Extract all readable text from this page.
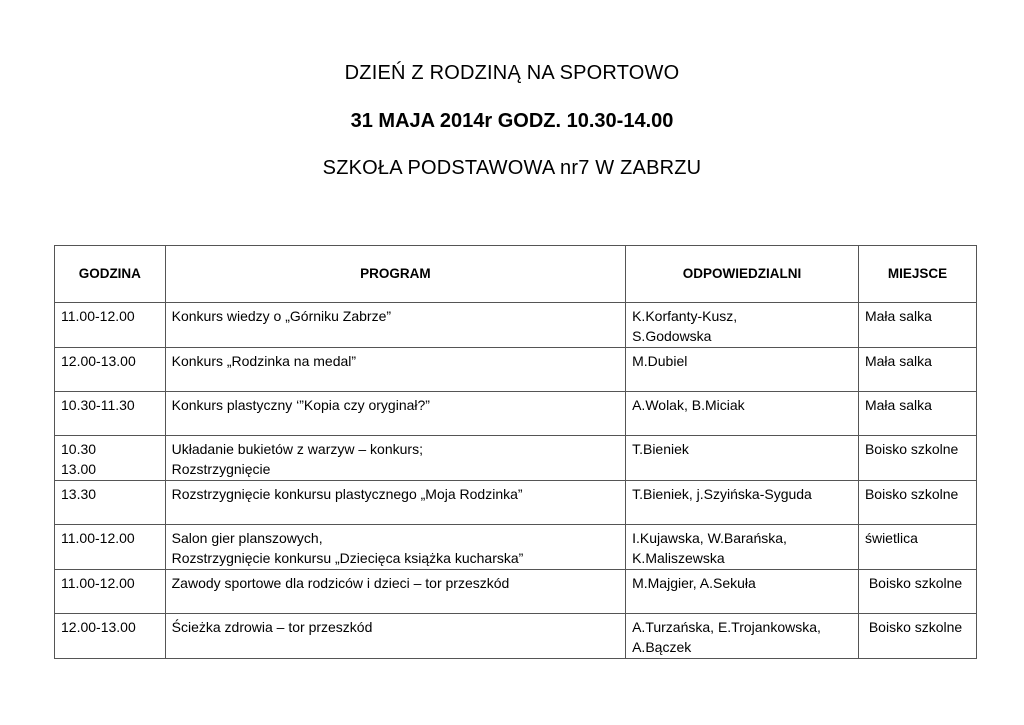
DZIEŃ Z RODZINĄ NA SPORTOWO
31 MAJA 2014r GODZ. 10.30-14.00
SZKOŁA PODSTAWOWA nr7 W ZABRZU
GODZINA	PROGRAM	ODPOWIEDZIALNI	MIEJSCE

11.00-12.00	Konkurs wiedzy o „Górniku Zabrze”	K.Korfanty-Kusz,
S.Godowska	Mała salka

12.00-13.00	Konkurs „Rodzinka na medal”	M.Dubiel	Mała salka

10.30-11.30	Konkurs plastyczny ‘”Kopia czy oryginał?”	A.Wolak, B.Miciak	Mała salka

10.30
13.00	Układanie bukietów z warzyw – konkurs;
Rozstrzygnięcie	T.Bieniek	Boisko szkolne

13.30	Rozstrzygnięcie konkursu plastycznego „Moja Rodzinka”	T.Bieniek, j.Szyińska-Syguda	Boisko szkolne

11.00-12.00	Salon gier planszowych,
Rozstrzygnięcie konkursu „Dziecięca książka kucharska”	I.Kujawska, W.Barańska,
K.Maliszewska	świetlica

11.00-12.00	Zawody sportowe dla rodziców i dzieci – tor przeszkód	M.Majgier, A.Sekuła	Boisko szkolne

12.00-13.00	Ścieżka zdrowia – tor przeszkód	A.Turzańska, E.Trojankowska,
A.Bączek	Boisko szkolne
